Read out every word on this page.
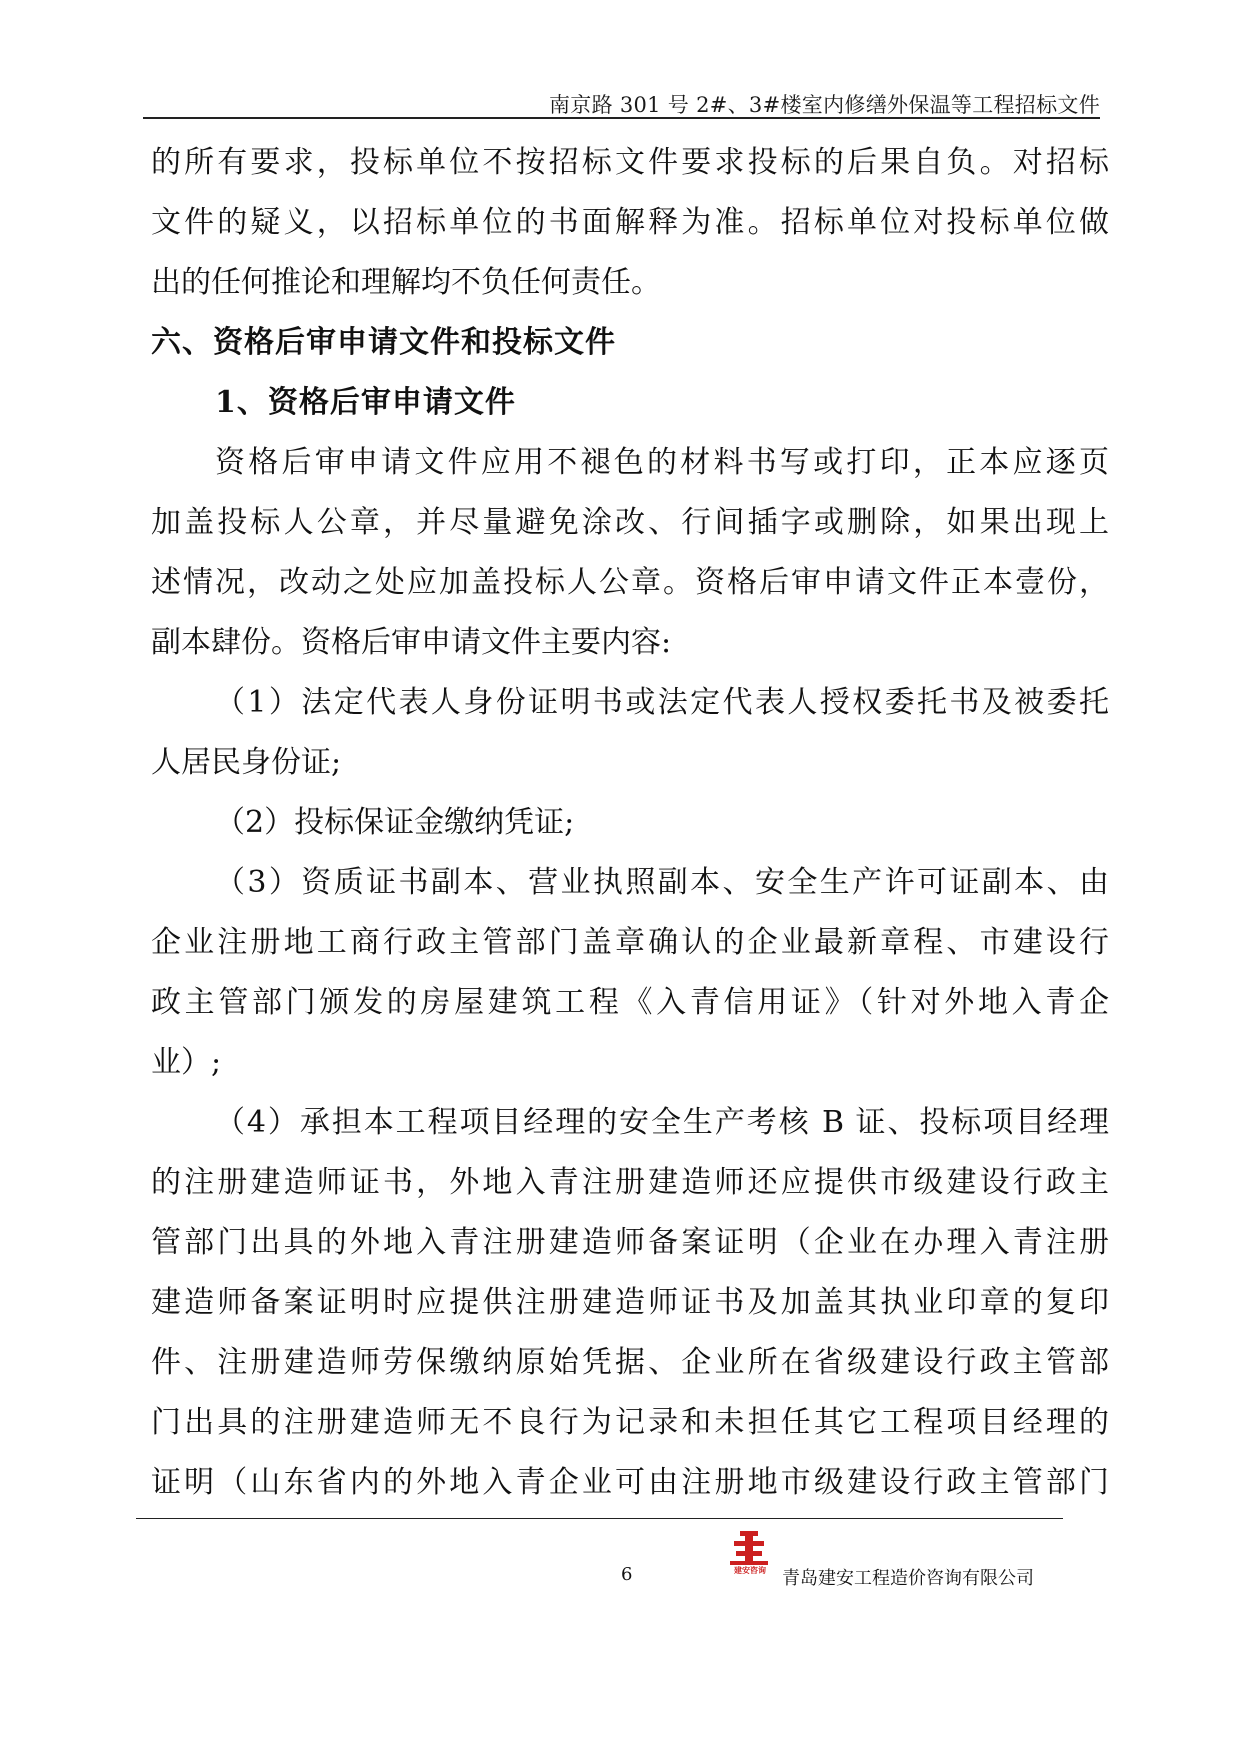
南京路 301 号 2#、3#楼室内修缮外保温等工程招标文件
的所有要求，投标单位不按招标文件要求投标的后果自负。对招标
文件的疑义，以招标单位的书面解释为准。招标单位对投标单位做
出的任何推论和理解均不负任何责任。
六、资格后审申请文件和投标文件
1、资格后审申请文件
资格后审申请文件应用不褪色的材料书写或打印，正本应逐页
加盖投标人公章，并尽量避免涂改、行间插字或删除，如果出现上
述情况，改动之处应加盖投标人公章。资格后审申请文件正本壹份，
副本肆份。资格后审申请文件主要内容:
（1）法定代表人身份证明书或法定代表人授权委托书及被委托
人居民身份证;
（2）投标保证金缴纳凭证;
（3）资质证书副本、营业执照副本、安全生产许可证副本、由
企业注册地工商行政主管部门盖章确认的企业最新章程、市建设行
政主管部门颁发的房屋建筑工程《入青信用证》（针对外地入青企
业）;
（4）承担本工程项目经理的安全生产考核 B 证、投标项目经理
的注册建造师证书，外地入青注册建造师还应提供市级建设行政主
管部门出具的外地入青注册建造师备案证明（企业在办理入青注册
建造师备案证明时应提供注册建造师证书及加盖其执业印章的复印
件、注册建造师劳保缴纳原始凭据、企业所在省级建设行政主管部
门出具的注册建造师无不良行为记录和未担任其它工程项目经理的
证明（山东省内的外地入青企业可由注册地市级建设行政主管部门
6	建安咨询 青岛建安工程造价咨询有限公司
